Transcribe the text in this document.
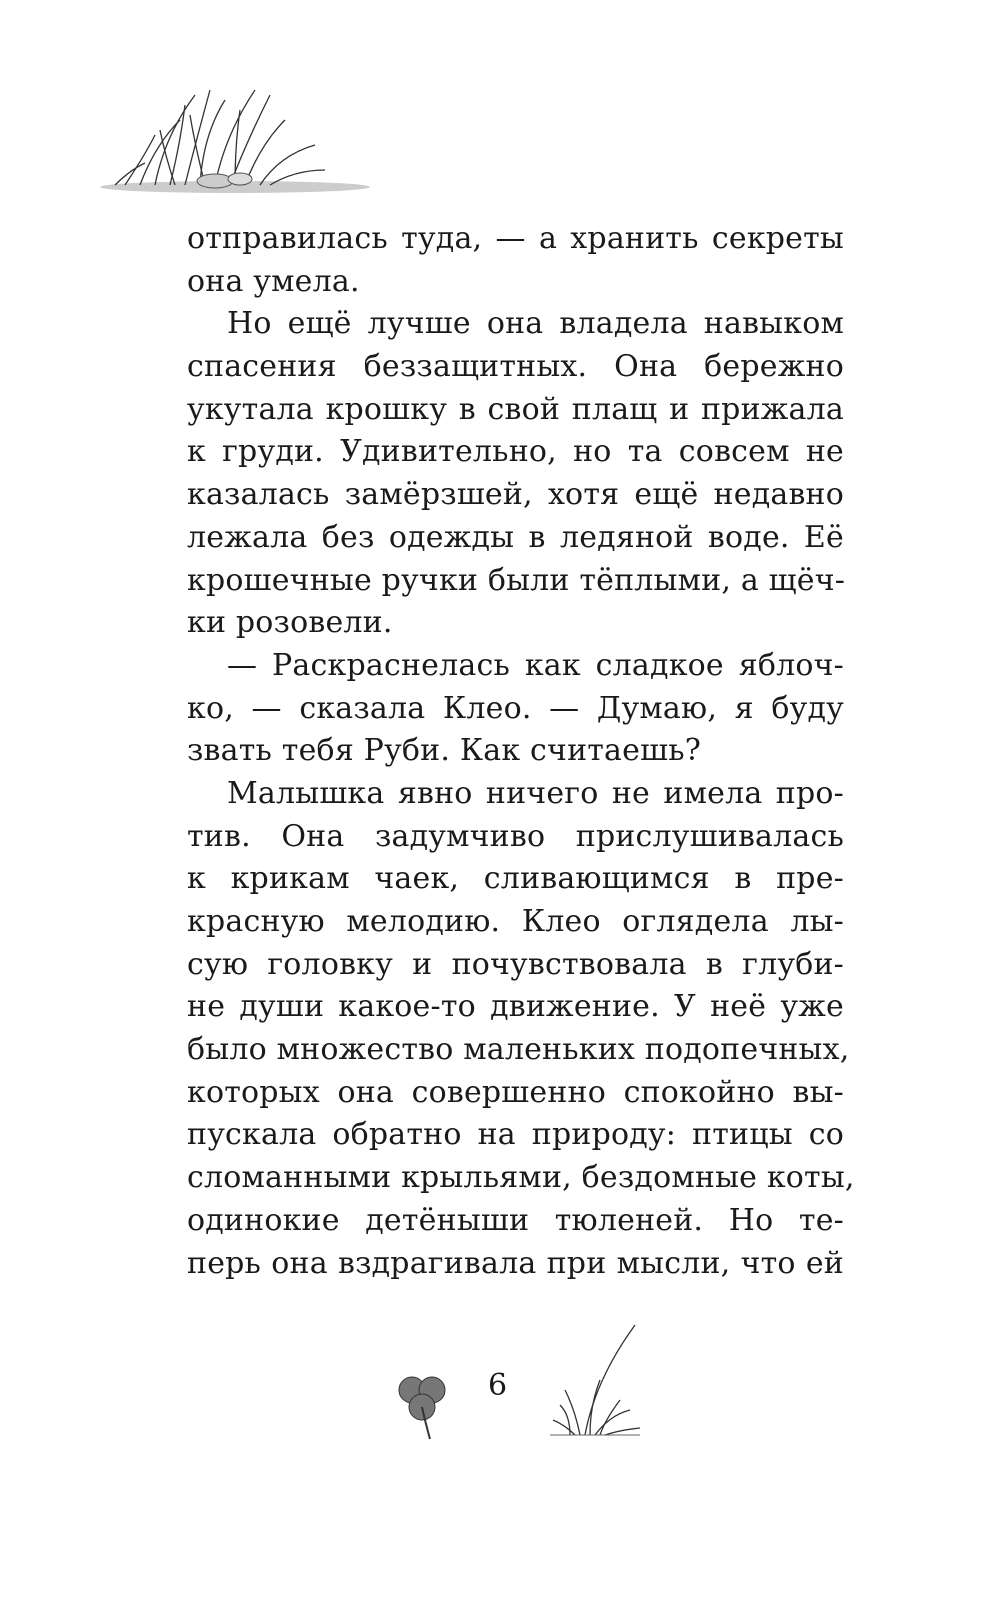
отправилась туда, — а хранить секреты
она умела.
Но ещё лучше она владела навыком
спасения беззащитных. Она бережно
укутала крошку в свой плащ и прижала
к груди. Удивительно, но та совсем не
казалась замёрзшей, хотя ещё недавно
лежала без одежды в ледяной воде. Её
крошечные ручки были тёплыми, а щёч-
ки розовели.
— Раскраснелась как сладкое яблоч-
ко, — сказала Клео. — Думаю, я буду
звать тебя Руби. Как считаешь?
Малышка явно ничего не имела про-
тив. Она задумчиво прислушивалась
к крикам чаек, сливающимся в пре-
красную мелодию. Клео оглядела лы-
сую головку и почувствовала в глуби-
не души какое-то движение. У неё уже
было множество маленьких подопечных,
которых она совершенно спокойно вы-
пускала обратно на природу: птицы со
сломанными крыльями, бездомные коты,
одинокие детёныши тюленей. Но те-
перь она вздрагивала при мысли, что ей
6
